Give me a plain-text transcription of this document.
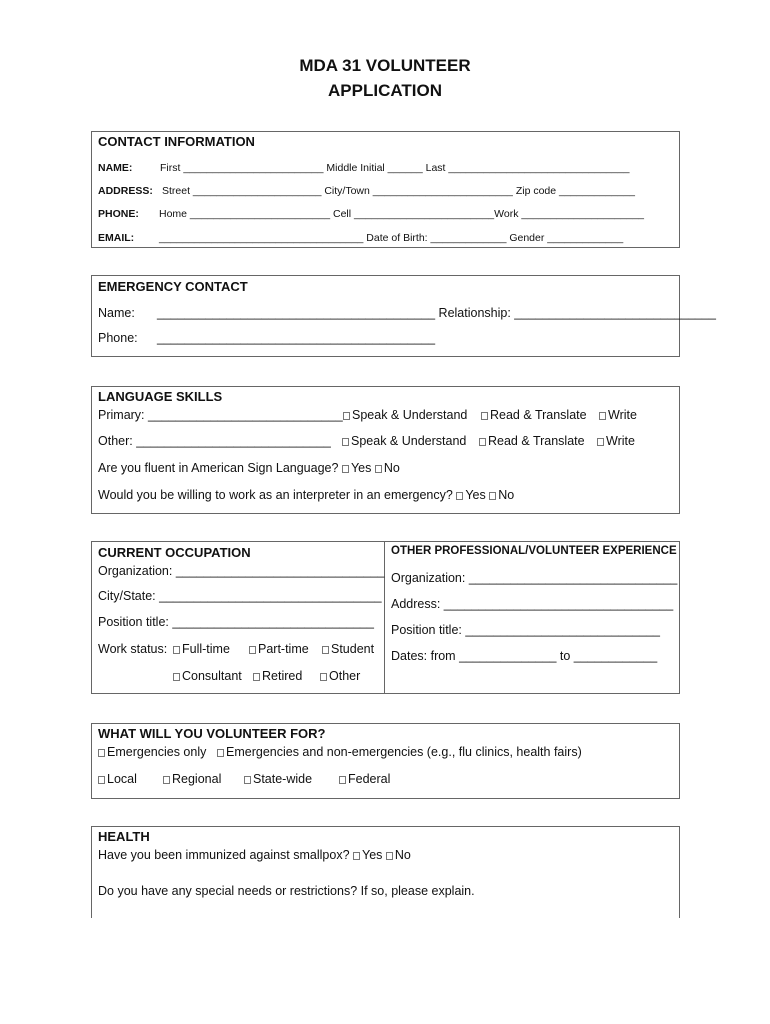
MDA 31 VOLUNTEER
APPLICATION
CONTACT INFORMATION
NAME:	First ________________________ Middle Initial ______ Last _______________________________
ADDRESS: Street ______________________ City/Town ________________________ Zip code _____________
PHONE: Home ________________________ Cell ________________________Work _____________________
EMAIL: ___________________________________ Date of Birth: _____________ Gender _____________
EMERGENCY CONTACT
Name: ________________________________________ Relationship: _____________________________
Phone: ________________________________________
LANGUAGE SKILLS
Primary: ____________________________ Speak & Understand	Read & Translate	Write
Other: ____________________________	Speak & Understand	Read & Translate	Write
Are you fluent in American Sign Language? Yes No
Would you be willing to work as an interpreter in an emergency? Yes No
CURRENT OCCUPATION
Organization: ______________________________
City/State: ________________________________
Position title: _____________________________
Work status:	Full-time	Part-time	Student
Consultant	Retired	Other
OTHER PROFESSIONAL/VOLUNTEER EXPERIENCE
Organization: ______________________________
Address: _________________________________
Position title: ____________________________
Dates: from ______________ to ____________
WHAT WILL YOU VOLUNTEER FOR?
Emergencies only	Emergencies and non-emergencies (e.g., flu clinics, health fairs)
Local	Regional	State-wide	Federal
HEALTH
Have you been immunized against smallpox? Yes No
Do you have any special needs or restrictions? If so, please explain.
